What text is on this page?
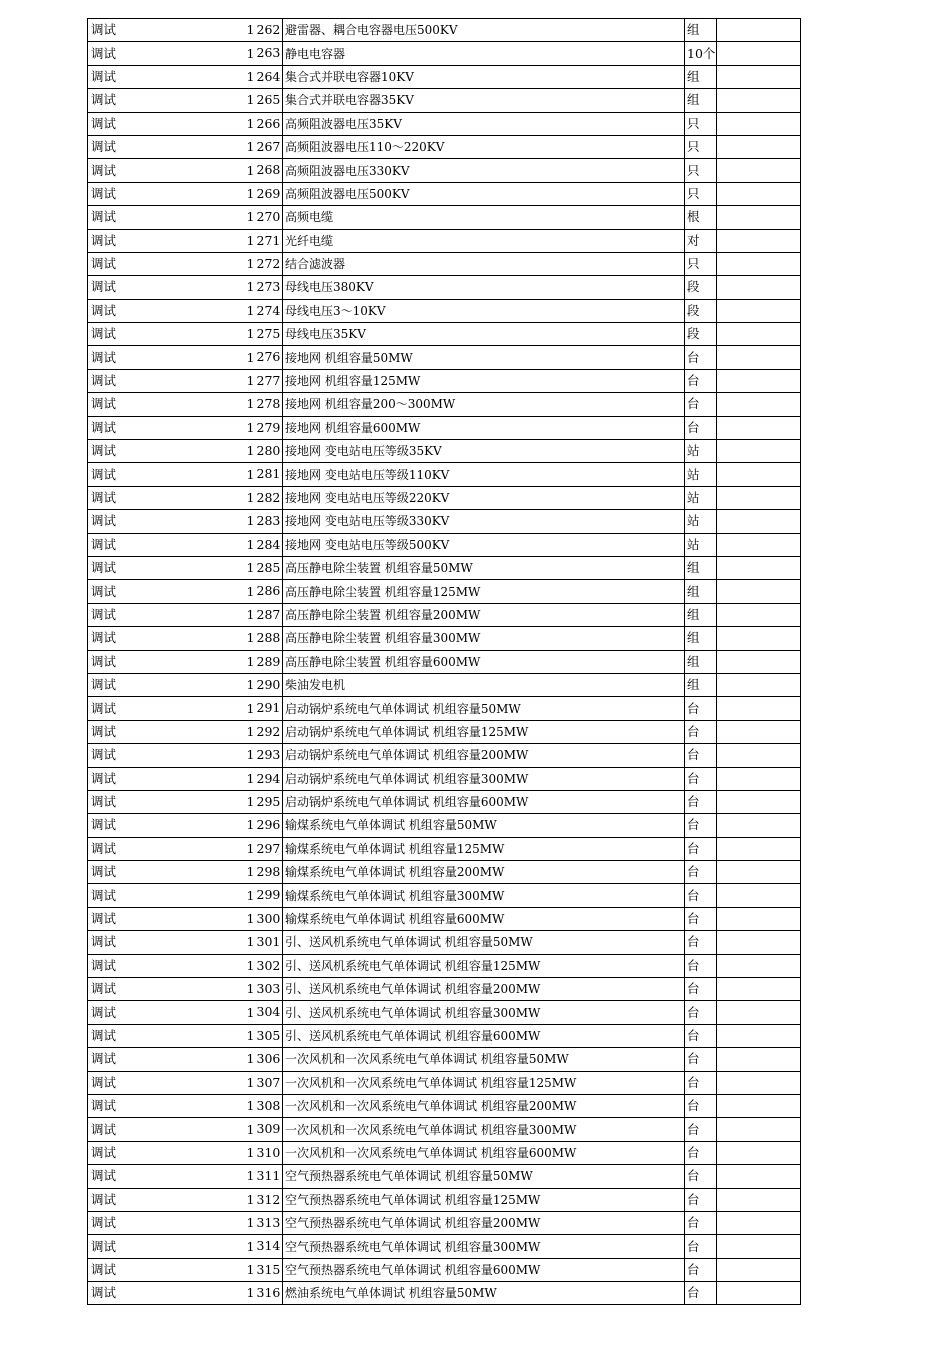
调试	1	262	避雷器、耦合电容器电压500KV	组	
调试	1	263	静电电容器	10个	
调试	1	264	集合式并联电容器10KV	组	
调试	1	265	集合式并联电容器35KV	组	
调试	1	266	高频阻波器电压35KV	只	
调试	1	267	高频阻波器电压110～220KV	只	
调试	1	268	高频阻波器电压330KV	只	
调试	1	269	高频阻波器电压500KV	只	
调试	1	270	高频电缆	根	
调试	1	271	光纤电缆	对	
调试	1	272	结合滤波器	只	
调试	1	273	母线电压380KV	段	
调试	1	274	母线电压3～10KV	段	
调试	1	275	母线电压35KV	段	
调试	1	276	接地网 机组容量50MW	台	
调试	1	277	接地网 机组容量125MW	台	
调试	1	278	接地网 机组容量200～300MW	台	
调试	1	279	接地网 机组容量600MW	台	
调试	1	280	接地网 变电站电压等级35KV	站	
调试	1	281	接地网 变电站电压等级110KV	站	
调试	1	282	接地网 变电站电压等级220KV	站	
调试	1	283	接地网 变电站电压等级330KV	站	
调试	1	284	接地网 变电站电压等级500KV	站	
调试	1	285	高压静电除尘装置 机组容量50MW	组	
调试	1	286	高压静电除尘装置 机组容量125MW	组	
调试	1	287	高压静电除尘装置 机组容量200MW	组	
调试	1	288	高压静电除尘装置 机组容量300MW	组	
调试	1	289	高压静电除尘装置 机组容量600MW	组	
调试	1	290	柴油发电机	组	
调试	1	291	启动锅炉系统电气单体调试 机组容量50MW	台	
调试	1	292	启动锅炉系统电气单体调试 机组容量125MW	台	
调试	1	293	启动锅炉系统电气单体调试 机组容量200MW	台	
调试	1	294	启动锅炉系统电气单体调试 机组容量300MW	台	
调试	1	295	启动锅炉系统电气单体调试 机组容量600MW	台	
调试	1	296	输煤系统电气单体调试 机组容量50MW	台	
调试	1	297	输煤系统电气单体调试 机组容量125MW	台	
调试	1	298	输煤系统电气单体调试 机组容量200MW	台	
调试	1	299	输煤系统电气单体调试 机组容量300MW	台	
调试	1	300	输煤系统电气单体调试 机组容量600MW	台	
调试	1	301	引、送风机系统电气单体调试 机组容量50MW	台	
调试	1	302	引、送风机系统电气单体调试 机组容量125MW	台	
调试	1	303	引、送风机系统电气单体调试 机组容量200MW	台	
调试	1	304	引、送风机系统电气单体调试 机组容量300MW	台	
调试	1	305	引、送风机系统电气单体调试 机组容量600MW	台	
调试	1	306	一次风机和一次风系统电气单体调试 机组容量50MW	台	
调试	1	307	一次风机和一次风系统电气单体调试 机组容量125MW	台	
调试	1	308	一次风机和一次风系统电气单体调试 机组容量200MW	台	
调试	1	309	一次风机和一次风系统电气单体调试 机组容量300MW	台	
调试	1	310	一次风机和一次风系统电气单体调试 机组容量600MW	台	
调试	1	311	空气预热器系统电气单体调试 机组容量50MW	台	
调试	1	312	空气预热器系统电气单体调试 机组容量125MW	台	
调试	1	313	空气预热器系统电气单体调试 机组容量200MW	台	
调试	1	314	空气预热器系统电气单体调试 机组容量300MW	台	
调试	1	315	空气预热器系统电气单体调试 机组容量600MW	台	
调试	1	316	燃油系统电气单体调试 机组容量50MW	台	
